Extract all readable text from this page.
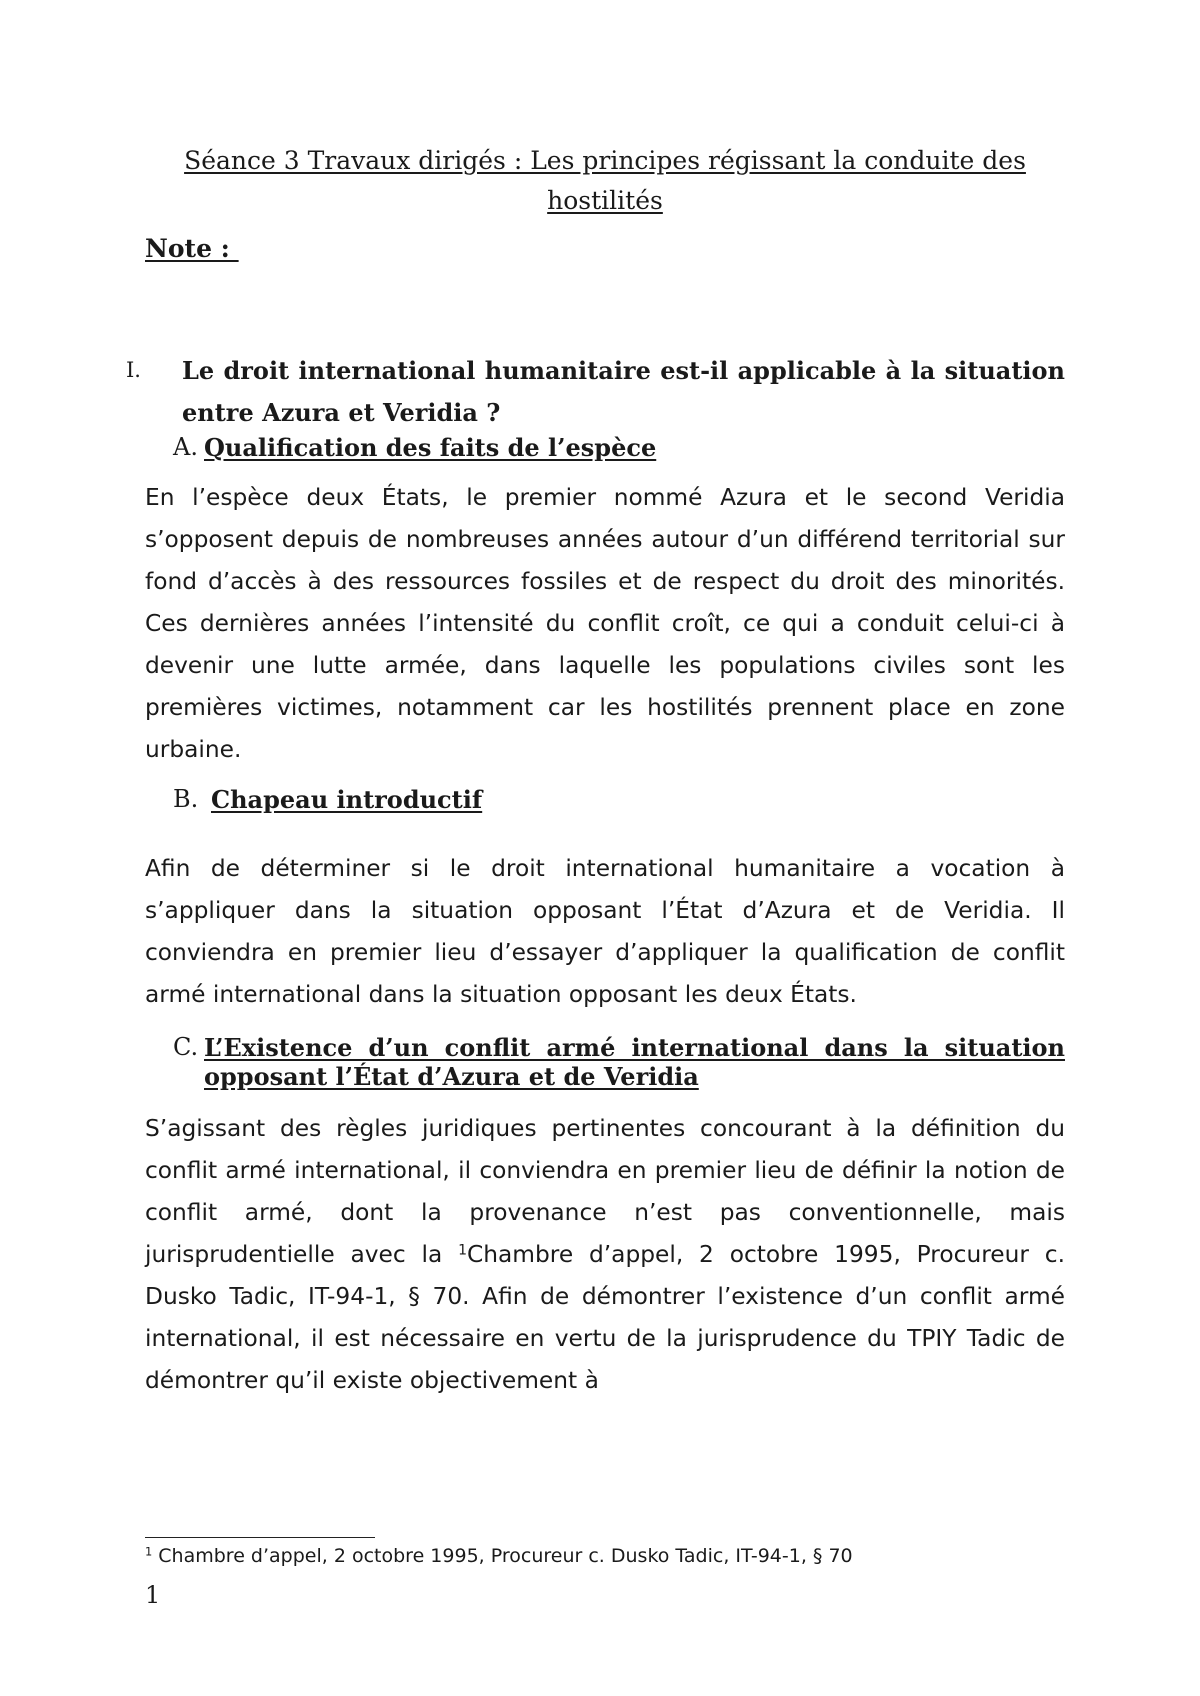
Séance 3 Travaux dirigés : Les principes régissant la conduite des hostilités
Note :
I. Le droit international humanitaire est-il applicable à la situation entre Azura et Veridia ?
A. Qualification des faits de l’espèce

En l’espèce deux États, le premier nommé Azura et le second Veridia s’opposent depuis de nombreuses années autour d’un différend territorial sur fond d’accès à des ressources fossiles et de respect du droit des minorités. Ces dernières années l’intensité du conflit croît, ce qui a conduit celui-ci à devenir une lutte armée, dans laquelle les populations civiles sont les premières victimes, notamment car les hostilités prennent place en zone urbaine.

B. Chapeau introductif

Afin de déterminer si le droit international humanitaire a vocation à s’appliquer dans la situation opposant l’État d’Azura et de Veridia. Il conviendra en premier lieu d’essayer d’appliquer la qualification de conflit armé international dans la situation opposant les deux États.

C. L’Existence d’un conflit armé international dans la situation opposant l’État d’Azura et de Veridia

S’agissant des règles juridiques pertinentes concourant à la définition du conflit armé international, il conviendra en premier lieu de définir la notion de conflit armé, dont la provenance n’est pas conventionnelle, mais jurisprudentielle avec la $^1$Chambre d’appel, 2 octobre 1995, Procureur c. Dusko Tadic, IT-94-1, § 70. Afin de démontrer l’existence d’un conflit armé international, il est nécessaire en vertu de la jurisprudence du TPIY Tadic de démontrer qu’il existe objectivement à

$^1$ Chambre d’appel, 2 octobre 1995, Procureur c. Dusko Tadic, IT-94-1, § 70
1
